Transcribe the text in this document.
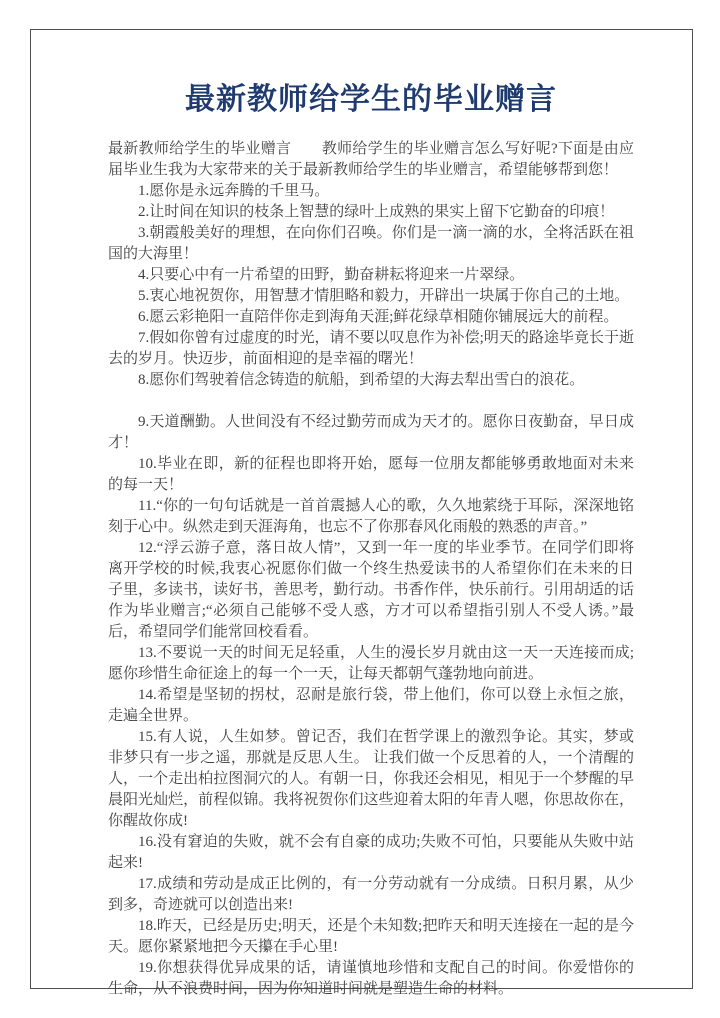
最新教师给学生的毕业赠言

最新教师给学生的毕业赠言　　教师给学生的毕业赠言怎么写好呢?下面是由应届毕业生我为大家带来的关于最新教师给学生的毕业赠言，希望能够帮到您！

1.愿你是永远奔腾的千里马。

2.让时间在知识的枝条上智慧的绿叶上成熟的果实上留下它勤奋的印痕！

3.朝霞般美好的理想，在向你们召唤。你们是一滴一滴的水，全将活跃在祖国的大海里！

4.只要心中有一片希望的田野，勤奋耕耘将迎来一片翠绿。

5.衷心地祝贺你，用智慧才情胆略和毅力，开辟出一块属于你自己的土地。

6.愿云彩艳阳一直陪伴你走到海角天涯;鲜花绿草相随你铺展远大的前程。

7.假如你曾有过虚度的时光，请不要以叹息作为补偿;明天的路途毕竟长于逝去的岁月。快迈步，前面相迎的是幸福的曙光！

8.愿你们驾驶着信念铸造的航船，到希望的大海去犁出雪白的浪花。

9.天道酬勤。人世间没有不经过勤劳而成为天才的。愿你日夜勤奋，早日成才！

10.毕业在即，新的征程也即将开始，愿每一位朋友都能够勇敢地面对未来的每一天！

11.“你的一句句话就是一首首震撼人心的歌，久久地萦绕于耳际，深深地铭刻于心中。纵然走到天涯海角，也忘不了你那春风化雨般的熟悉的声音。”

12.“浮云游子意，落日故人情”，又到一年一度的毕业季节。在同学们即将离开学校的时候,我衷心祝愿你们做一个终生热爱读书的人希望你们在未来的日子里，多读书，读好书，善思考，勤行动。书香作伴，快乐前行。引用胡适的话作为毕业赠言;“必须自己能够不受人惑，方才可以希望指引别人不受人诱。”最后，希望同学们能常回校看看。

13.不要说一天的时间无足轻重，人生的漫长岁月就由这一天一天连接而成;愿你珍惜生命征途上的每一个一天，让每天都朝气蓬勃地向前进。

14.希望是坚韧的拐杖，忍耐是旅行袋，带上他们，你可以登上永恒之旅，走遍全世界。

15.有人说，人生如梦。曾记否，我们在哲学课上的激烈争论。其实，梦或非梦只有一步之遥，那就是反思人生。 让我们做一个反思着的人，一个清醒的人，一个走出柏拉图洞穴的人。有朝一日，你我还会相见，相见于一个梦醒的早晨阳光灿烂，前程似锦。我将祝贺你们这些迎着太阳的年青人嗯，你思故你在，你醒故你成!

16.没有窘迫的失败，就不会有自豪的成功;失败不可怕，只要能从失败中站起来!

17.成绩和劳动是成正比例的，有一分劳动就有一分成绩。日积月累，从少到多，奇迹就可以创造出来!

18.昨天，已经是历史;明天，还是个未知数;把昨天和明天连接在一起的是今天。愿你紧紧地把今天攥在手心里!

19.你想获得优异成果的话，请谨慎地珍惜和支配自己的时间。你爱惜你的生命，从不浪费时间，因为你知道时间就是塑造生命的材料。
